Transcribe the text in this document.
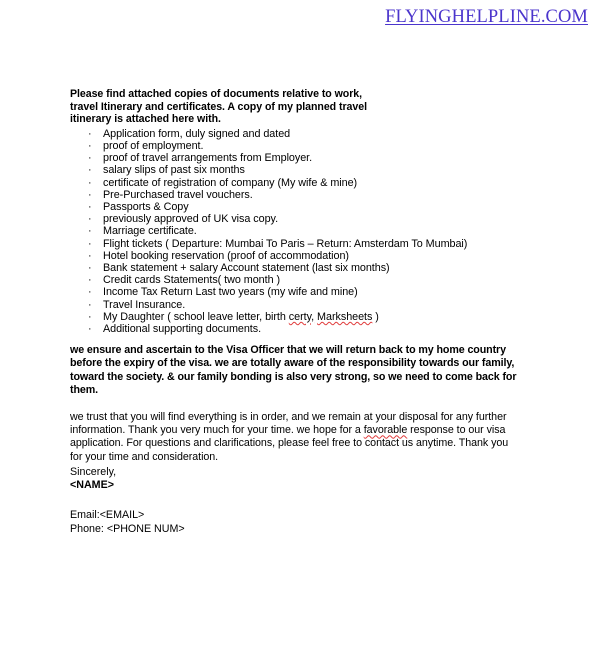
FLYINGHELPLINE.COM

Please find attached copies of documents relative to work, travel Itinerary and certificates. A copy of my planned travel itinerary is attached here with.

· Application form, duly signed and dated
· proof of employment.
· proof of travel arrangements from Employer.
· salary slips of past six months
· certificate of registration of company (My wife & mine)
· Pre-Purchased travel vouchers.
· Passports & Copy
· previously approved of UK visa copy.
· Marriage certificate.
· Flight tickets ( Departure: Mumbai To Paris – Return: Amsterdam To Mumbai)
· Hotel booking reservation (proof of accommodation)
· Bank statement + salary Account statement (last six months)
· Credit cards Statements( two month )
· Income Tax Return Last two years (my wife and mine)
· Travel Insurance.
· My Daughter ( school leave letter, birth certy, Marksheets )
· Additional supporting documents.

we ensure and ascertain to the Visa Officer that we will return back to my home country before the expiry of the visa. we are totally aware of the responsibility towards our family, toward the society. & our family bonding is also very strong, so we need to come back for them.

we trust that you will find everything is in order, and we remain at your disposal for any further information. Thank you very much for your time. we hope for a favorable response to our visa application. For questions and clarifications, please feel free to contact us anytime. Thank you for your time and consideration.

Sincerely,
<NAME>

Email:<EMAIL>
Phone: <PHONE NUM>
